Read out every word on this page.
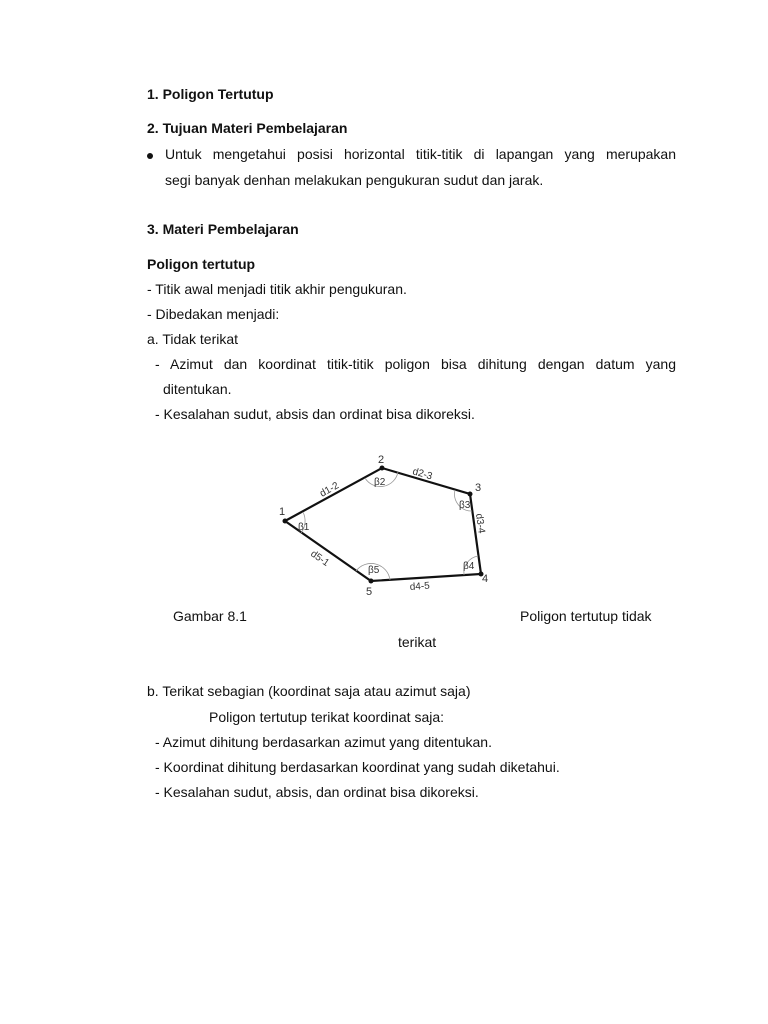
1. Poligon Tertutup
2. Tujuan Materi Pembelajaran
Untuk mengetahui posisi horizontal titik-titik di lapangan yang merupakan
segi banyak denhan melakukan pengukuran sudut dan jarak.
3. Materi Pembelajaran
Poligon tertutup
- Titik awal menjadi titik akhir pengukuran.
- Dibedakan menjadi:
a. Tidak terikat
- Azimut dan koordinat titik-titik poligon bisa dihitung dengan datum yang
ditentukan.
- Kesalahan sudut, absis dan ordinat bisa dikoreksi.
1
2
3
4
5
β1
β2
β3
β4
β5
d1-2
d2-3
d3-4
d4-5
d5-1
Gambar 8.1	Poligon tertutup tidak
terikat
b. Terikat sebagian (koordinat saja atau azimut saja)
Poligon tertutup terikat koordinat saja:
- Azimut dihitung berdasarkan azimut yang ditentukan.
- Koordinat dihitung berdasarkan koordinat yang sudah diketahui.
- Kesalahan sudut, absis, dan ordinat bisa dikoreksi.
